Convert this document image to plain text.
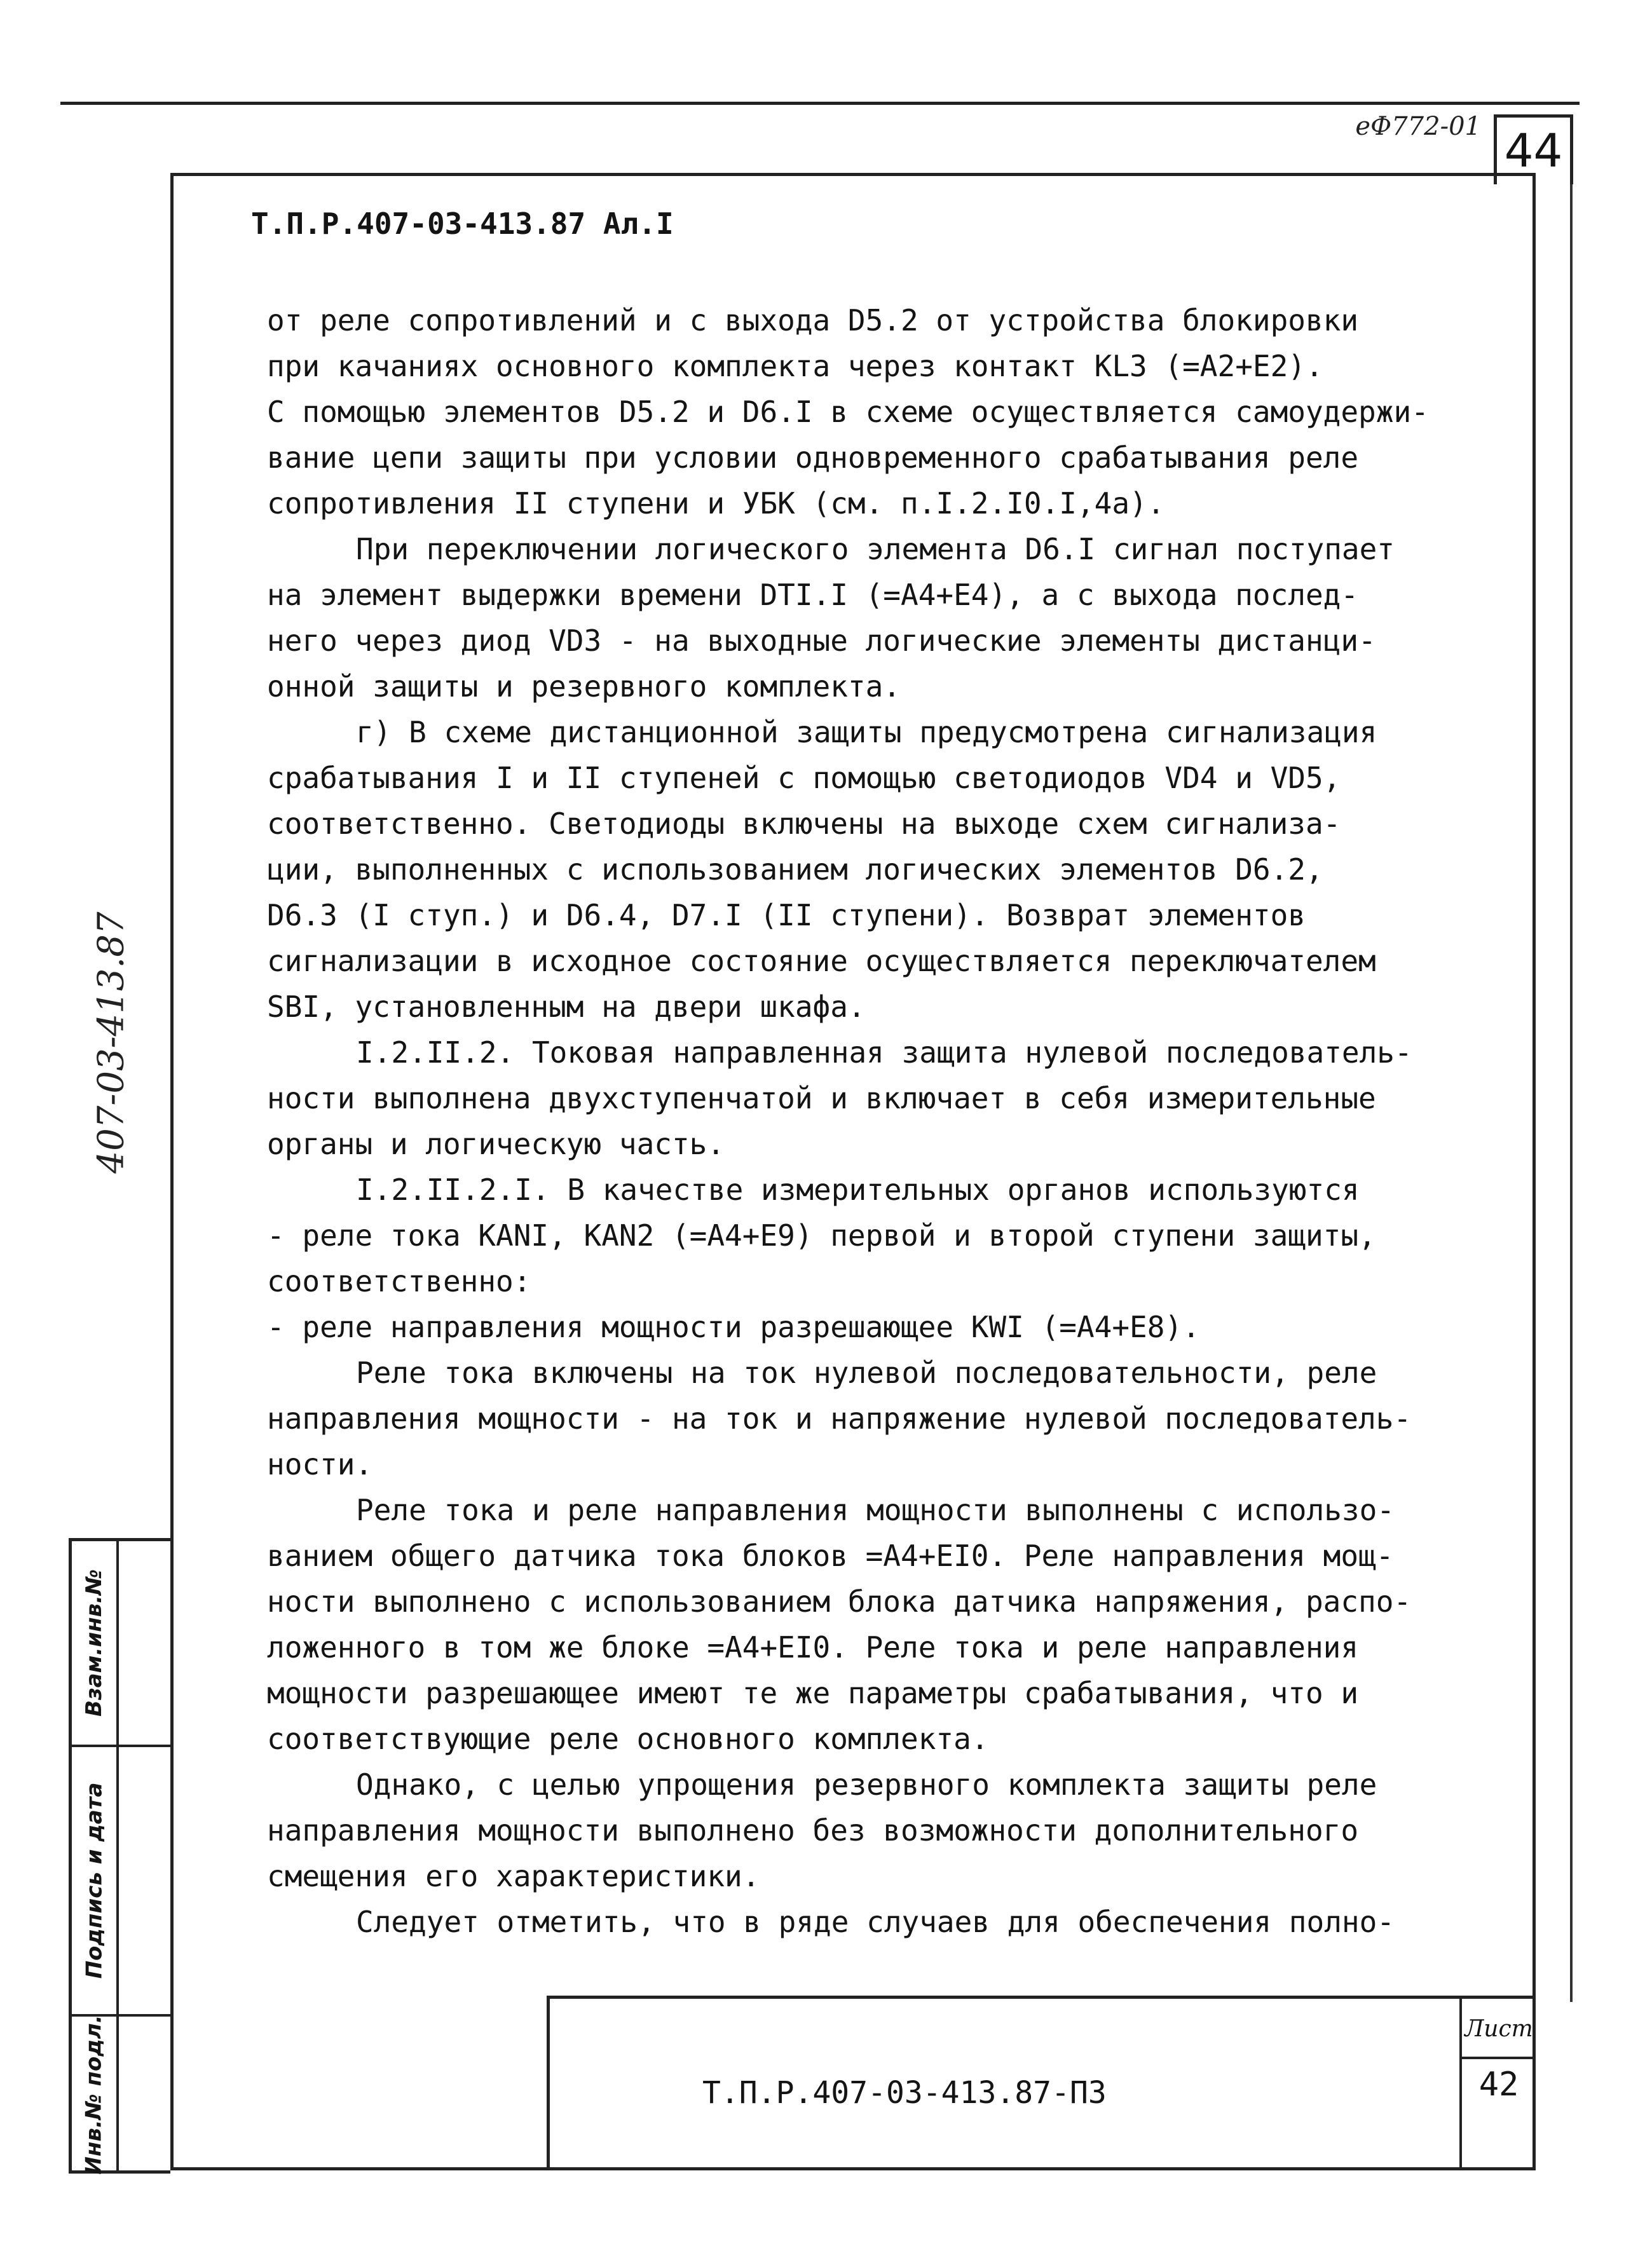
еФ772-01 44
Т.П.Р.407-03-413.87 Ал.I
от реле сопротивлений и с выхода D5.2 от устройства блокировки
при качаниях основного комплекта через контакт KL3 (=А2+Е2).
С помощью элементов D5.2 и D6.I в схеме осуществляется самоудержи-
вание цепи защиты при условии одновременного срабатывания реле
сопротивления II ступени и УБК (см. п.I.2.I0.I,4а).
При переключении логического элемента D6.I сигнал поступает
на элемент выдержки времени DTI.I (=А4+Е4), а с выхода послед-
него через диод VD3 - на выходные логические элементы дистанци-
онной защиты и резервного комплекта.
г) В схеме дистанционной защиты предусмотрена сигнализация
срабатывания I и II ступеней с помощью светодиодов VD4 и VD5,
соответственно. Светодиоды включены на выходе схем сигнализа-
ции, выполненных с использованием логических элементов D6.2,
D6.3 (I ступ.) и D6.4, D7.I (II ступени). Возврат элементов
сигнализации в исходное состояние осуществляется переключателем
SBI, установленным на двери шкафа.
I.2.II.2. Токовая направленная защита нулевой последователь-
ности выполнена двухступенчатой и включает в себя измерительные
органы и логическую часть.
I.2.II.2.I. В качестве измерительных органов используются
- реле тока KANI, KAN2 (=А4+Е9) первой и второй ступени защиты,
соответственно:
- реле направления мощности разрешающее KWI (=А4+Е8).
Реле тока включены на ток нулевой последовательности, реле
направления мощности - на ток и напряжение нулевой последователь-
ности.
Реле тока и реле направления мощности выполнены с использо-
ванием общего датчика тока блоков =А4+ЕI0. Реле направления мощ-
ности выполнено с использованием блока датчика напряжения, распо-
ложенного в том же блоке =А4+ЕI0. Реле тока и реле направления
мощности разрешающее имеют те же параметры срабатывания, что и
соответствующие реле основного комплекта.
Однако, с целью упрощения резервного комплекта защиты реле
направления мощности выполнено без возможности дополнительного
смещения его характеристики.
Следует отметить, что в ряде случаев для обеспечения полно-
407-03-413.87
Взам.инв.№
Подпись и дата
Инв.№ подл.	Т.П.Р.407-03-413.87-ПЗ
Лист
42
